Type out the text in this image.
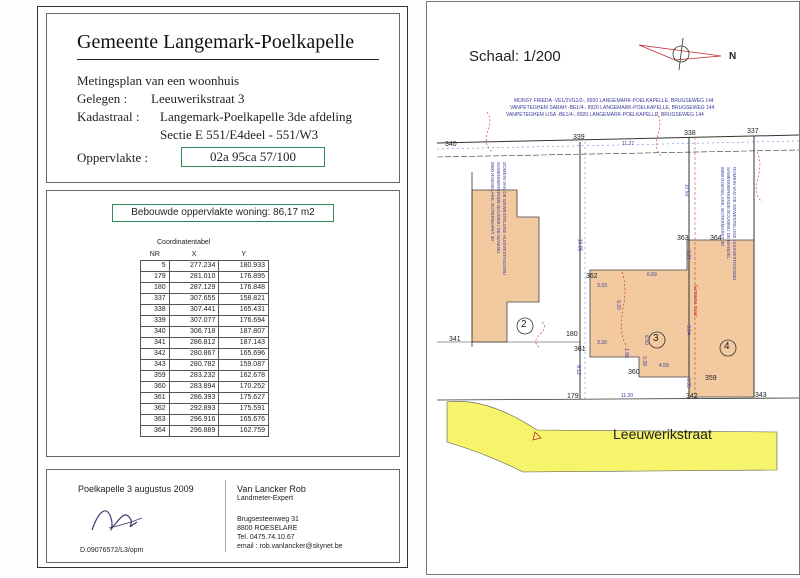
Gemeente Langemark-Poelkapelle
Metingsplan van een woonhuis
Gelegen : Leeuwerikstraat 3
Kadastraal : Langemark-Poelkapelle 3de afdeling
Sectie E 551/E4deel - 551/W3
Oppervlakte :	02a 95ca 57/100
Bebouwde oppervlakte woning: 86,17 m2
Coordinatentabel
NR	X	Y
5	277.234	180.933
179	281.010	176.895
180	287.129	176.848
337	307.655	158.821
338	307.441	165.431
339	307.077	176.694
340	306.718	187.807
341	286.812	187.143
342	280.867	165.696
343	280.782	159.087
359	283.232	162.678
360	283.894	170.252
361	286.393	175.627
362	292.893	175.591
363	296.916	165.676
364	296.889	162.759
Poelkapelle 3 augustus 2009
D.09076572/L3/opm
Van Lancker Rob
Landmeter-Expert
Brugsesteenweg 31
8800 ROESELARE
Tel. 0475.74.10.67
email : rob.vanlancker@skynet.be
Schaal: 1/200	N
MONSY FRIEDA -VE1/2VG1/2-, 8920 LANGEMARK-POELKAPELLE, BRUGSEWEG 144
VANPETEGHEM SARAH -BE1/4-, 8920 LANGEMARK-POELKAPELLE, BRUGSEWEG 144
VANPETEGHEM LISA -BE1/4-, 8920 LANGEMARK-POELKAPELLE, BRUGSEWEG 144
2
3
4
Leeuwerikstraat
DOMEIN VAN DE GEWESTELIJKE HUISVESTINGSMIJ
SAMENWERKENDE BOUWMIJ DE MANDEL
8800 ROESELARE, BOTERMARKT 30	DOMEIN VAN DE GEWESTELIJKE HUISVESTINGSMIJ
SAMENWERKENDE BOUWMIJ DE MANDEL
8800 ROESELARE, BOTERMARKT 30
340
339
338	337
341
180
362
363	364
361
360
359
179	342	343
11.27
6.69
3.33
3.30
4.59
11.20
10.05
10.53
3.21
9.20
9.84
6.12
1.88
0.39
6.50
3.95
Gemene muur
